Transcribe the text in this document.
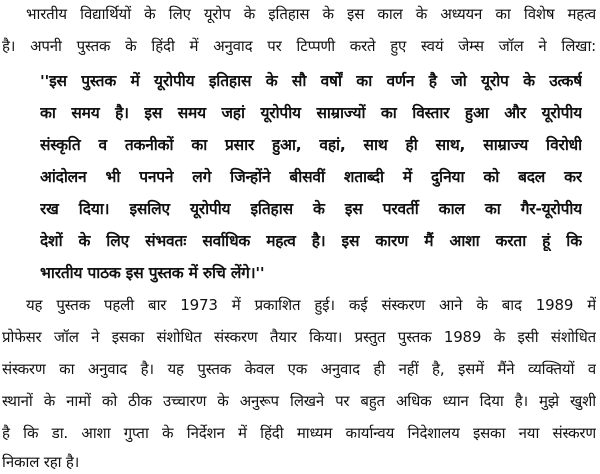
भारतीय विद्यार्थियों के लिए यूरोप के इतिहास के इस काल के अध्ययन का विशेष महत्व
है। अपनी पुस्तक के हिंदी में अनुवाद पर टिप्पणी करते हुए स्वयं जेम्स जॉल ने लिखा:
''इस पुस्तक में यूरोपीय इतिहास के सौ वर्षों का वर्णन है जो यूरोप के उत्कर्ष
का समय है। इस समय जहां यूरोपीय साम्राज्यों का विस्तार हुआ और यूरोपीय
संस्कृति व तकनीकों का प्रसार हुआ, वहां, साथ ही साथ, साम्राज्य विरोधी
आंदोलन भी पनपने लगे जिन्होंने बीसवीं शताब्दी में दुनिया को बदल कर
रख दिया। इसलिए यूरोपीय इतिहास के इस परवर्ती काल का गैर-यूरोपीय
देशों के लिए संभवतः सर्वाधिक महत्व है। इस कारण मैं आशा करता हूं कि
भारतीय पाठक इस पुस्तक में रुचि लेंगे।''
यह पुस्तक पहली बार 1973 में प्रकाशित हुई। कई संस्करण आने के बाद 1989 में
प्रोफेसर जॉल ने इसका संशोधित संस्करण तैयार किया। प्रस्तुत पुस्तक 1989 के इसी संशोधित
संस्करण का अनुवाद है। यह पुस्तक केवल एक अनुवाद ही नहीं है, इसमें मैंने व्यक्तियों व
स्थानों के नामों को ठीक उच्चारण के अनुरूप लिखने पर बहुत अधिक ध्यान दिया है। मुझे खुशी
है कि डा. आशा गुप्ता के निर्देशन में हिंदी माध्यम कार्यान्वय निदेशालय इसका नया संस्करण
निकाल रहा है।
